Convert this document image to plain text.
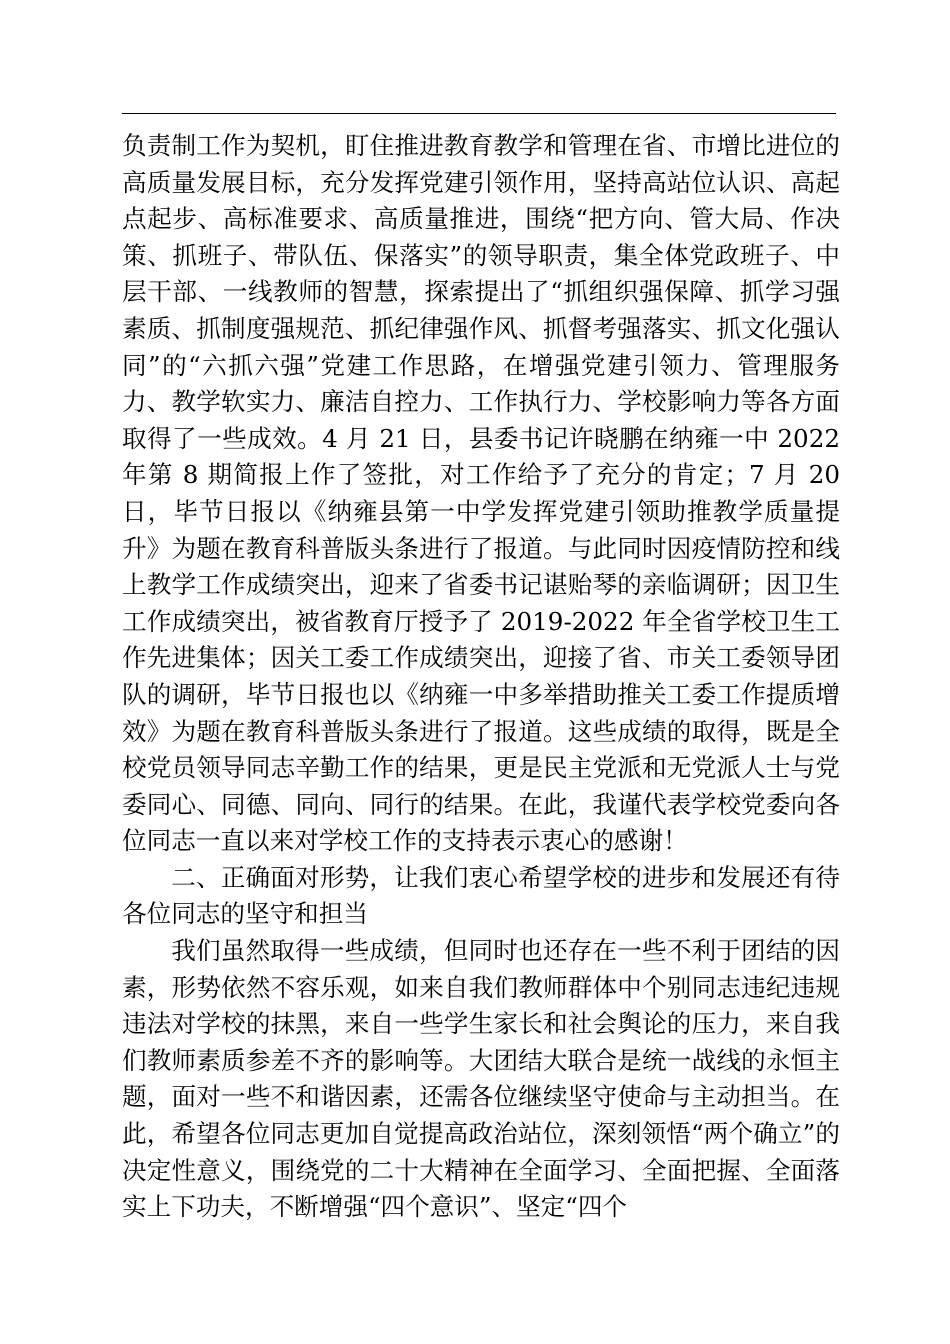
负责制工作为契机，盯住推进教育教学和管理在省、市增比进位的高质量发展目标，充分发挥党建引领作用，坚持高站位认识、高起点起步、高标准要求、高质量推进，围绕“把方向、管大局、作决策、抓班子、带队伍、保落实”的领导职责，集全体党政班子、中层干部、一线教师的智慧，探索提出了“抓组织强保障、抓学习强素质、抓制度强规范、抓纪律强作风、抓督考强落实、抓文化强认同”的“六抓六强”党建工作思路，在增强党建引领力、管理服务力、教学软实力、廉洁自控力、工作执行力、学校影响力等各方面取得了一些成效。4 月 21 日，县委书记许晓鹏在纳雍一中 2022 年第 8 期简报上作了签批，对工作给予了充分的肯定；7 月 20 日，毕节日报以《纳雍县第一中学发挥党建引领助推教学质量提升》为题在教育科普版头条进行了报道。与此同时因疫情防控和线上教学工作成绩突出，迎来了省委书记谌贻琴的亲临调研；因卫生工作成绩突出，被省教育厅授予了 2019-2022 年全省学校卫生工作先进集体；因关工委工作成绩突出，迎接了省、市关工委领导团队的调研，毕节日报也以《纳雍一中多举措助推关工委工作提质增效》为题在教育科普版头条进行了报道。这些成绩的取得，既是全校党员领导同志辛勤工作的结果，更是民主党派和无党派人士与党委同心、同德、同向、同行的结果。在此，我谨代表学校党委向各位同志一直以来对学校工作的支持表示衷心的感谢！

二、正确面对形势，让我们衷心希望学校的进步和发展还有待各位同志的坚守和担当

我们虽然取得一些成绩，但同时也还存在一些不利于团结的因素，形势依然不容乐观，如来自我们教师群体中个别同志违纪违规违法对学校的抹黑，来自一些学生家长和社会舆论的压力，来自我们教师素质参差不齐的影响等。大团结大联合是统一战线的永恒主题，面对一些不和谐因素，还需各位继续坚守使命与主动担当。在此，希望各位同志更加自觉提高政治站位，深刻领悟“两个确立”的决定性意义，围绕党的二十大精神在全面学习、全面把握、全面落实上下功夫，不断增强“四个意识”、坚定“四个
